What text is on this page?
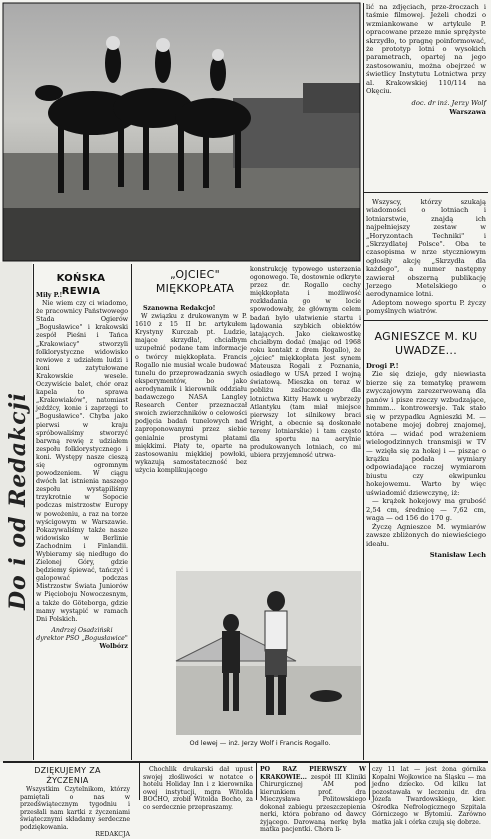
lić na zdjęciach, prze-źroczach i taśmie filmowej. Jeżeli chodzi o wzmiankowane w artykule P. opracowane przeze mnie sprężyste skrzydło, to pragnę poinformować, że prototyp lotni o wysokich parametrach, opartej na jego zastosowaniu, można obejrzeć w świetlicy Instytutu Lotnictwa przy al. Krakowskiej 110/114 na Okęciu.

doc. dr inż. Jerzy Wolf
Warszawa

Wszyscy, którzy szukają wiadomości o lotniach i lotniarstwie, znajdą ich najpełniejszy zestaw w „Horyzontach Techniki" i „Skrzydlatej Polsce". Oba te czasopisma w nrze styczniowym ogłosiły akcję „Skrzydła dla każdego", a numer następny zawierał obszerną publikację Jerzego Metelskiego o aerodynamice lotni.

Adeptom nowego sportu P. życzy pomyślnych wiatrów.

AGNIESZCE M. KU UWADZE...

Drogi P.!

Zie się dzieje, gdy niewiasta bierze się za tematykę prawem zwyczajowym zarezerwowaną dla panów i pisze rzeczy wzbudzające, hmmm... kontrowersje. Tak stało się w przypadku Agnieszki M. — notabene mojej dobrej znajomej, która — widać pod wrażeniem wielogodzinnych transmisji w TV — wzięła się za hokej i — pisząc o krążku podała wymiary odpowiadające raczej wymiarom biustu czy ekwipunku hokejowemu. Warto by więc uświadomić dziewczynę, iż:

— krążek hokejowy ma grubość 2,54 cm, średnicę — 7,62 cm, waga — od 156 do 170 g.

Życzę Agnieszce M. wymiarów zawsze zbliżonych do niewieściego ideału.

Stanisław Lech
Do i od Redakcji
KOŃSKA REWIA

Miły P.!

Nie wiem czy ci wiadomo, że pracownicy Państwowego Stada Ogierów „Bogusławice" i krakowski zespół Pieśni i Tańca „Krakowiacy" stworzyli folklorystyczne widowisko rewiowe z udziałem ludzi i koni zatytułowane Krakowskie wesele. Oczywiście balet, chór oraz kapela to sprawa „Krakowiaków", natomiast jeźdźcy, konie i zaprzęgi to „Bogusławice". Chyba jako pierwsi w kraju spróbowaliśmy stworzyć barwną rewię z udziałem zespołu folklorystycznego i koni. Występy nasze cieszą się ogromnym powodzeniem. W ciągu dwóch lat istnienia naszego zespołu wystąpiliśmy trzykrotnie w Sopocie podczas mistrzostw Europy w powożeniu, a raz na torze wyścigowym w Warszawie. Pokazywaliśmy także nasze widowisko w Berlinie Zachodnim i Finlandii. Wybieramy się niedługo do Zielonej Góry, gdzie będziemy śpiewać, tańczyć i galopować podczas Mistrzostw Świata Juniorów w Pięcioboju Nowoczesnym, a także do Göteborga, gdzie mamy wystąpić w ramach Dni Polskich.

Andrzej Osadziński
dyrektor PSO „Bogusławice"
Wolbórz
„OJCIEC" MIĘKKOPŁATA

Szanowna Redakcjo!

W związku z drukowanym w P. 1610 z 15 II br. artykułem Krystyny Kurczab pt. Ludzie, mające skrzydła!, chciałbym uzupełnić podane tam informacje o twórcy miękkopłata. Francis Rogallo nie musiał wcale budować tunelu do przeprowadzania swych eksperymentów, bo jako aerodynamik i kierownik oddziału badawczego NASA Langley Research Center przeznaczał swoich zwierzchników o celowości podjęcia badań tunelowych nad zaproponowanymi przez siebie genialnie prostymi płatami miękkimi. Płaty te, oparte na zastosowaniu miękkiej powłoki, wykazują samostateczność bez użycia komplikującego

konstrukcję typowego usterzenia ogonowego. Te, dostownie odkryte przez dr. Rogallo cechy miękkopłata i możliwość rozkładania go w locie spowodowały, że głównym celem badań było ułatwienie startu i lądowania szybkich obiektów latających. Jako ciekawostkę chciałbym dodać (mając od 1968 roku kontakt z drem Rogallo), że „ojciec" miękkopłata jest synem Mateusza Rogali z Poznania, osiadłego w USA przed I wojną światową. Mieszka on teraz w pobliżu zaśluczonego dla lotnictwa Kitty Hawk u wybrzeży Atlantyku (tam miał miejsce pierwszy lot silnikowy braci Wright, a obecnie są doskonałe tereny lotniarskie) i tam często dla sportu na aerylnie produkowanych lotniach, co mi ubiera przyjemność utrwa-

Od lewej — inż. Jerzy Wolf i Francis Rogallo.
DZIĘKUJEMY ZA ŻYCZENIA

Wszystkim Czytelnikom, którzy pamiętali o nas w przedświątecznym tygodniu i przesłali nam kartki z życzeniami świątecznymi składamy serdeczne podziękowania.

REDAKCJA

Chochlik drukarski dał upust swojej złośliwości w notatce o hotelu Holiday Inn i z kierownika owej instytucji, mgra Witolda BOCHO, zrobił Witolda Bocho, za co serdecznie przepraszamy.

PO RAZ PIERWSZY W KRAKOWIE... zespół III Kliniki Chirurgicznej AM pod kierunkiem prof. dra Mieczysława Politowskiego dokonał zabiegu przeszczepienia nerki, która pobrano od dawcy żyjącego. Darowaną nerkę była matka pacjentki. Chora li-

czy 11 lat — jest żona górnika Kopalni Wojkowice na Śląsku — ma jedno dziecko. Od kilku lat pozostawała w leczeniu dr. dra Józefa Twardowskiego, kier. Ośrodka Nefrologicznego Szpitala Górniczego w Bytomiu. Zarówno matka jak i córka czują się dobrze.
